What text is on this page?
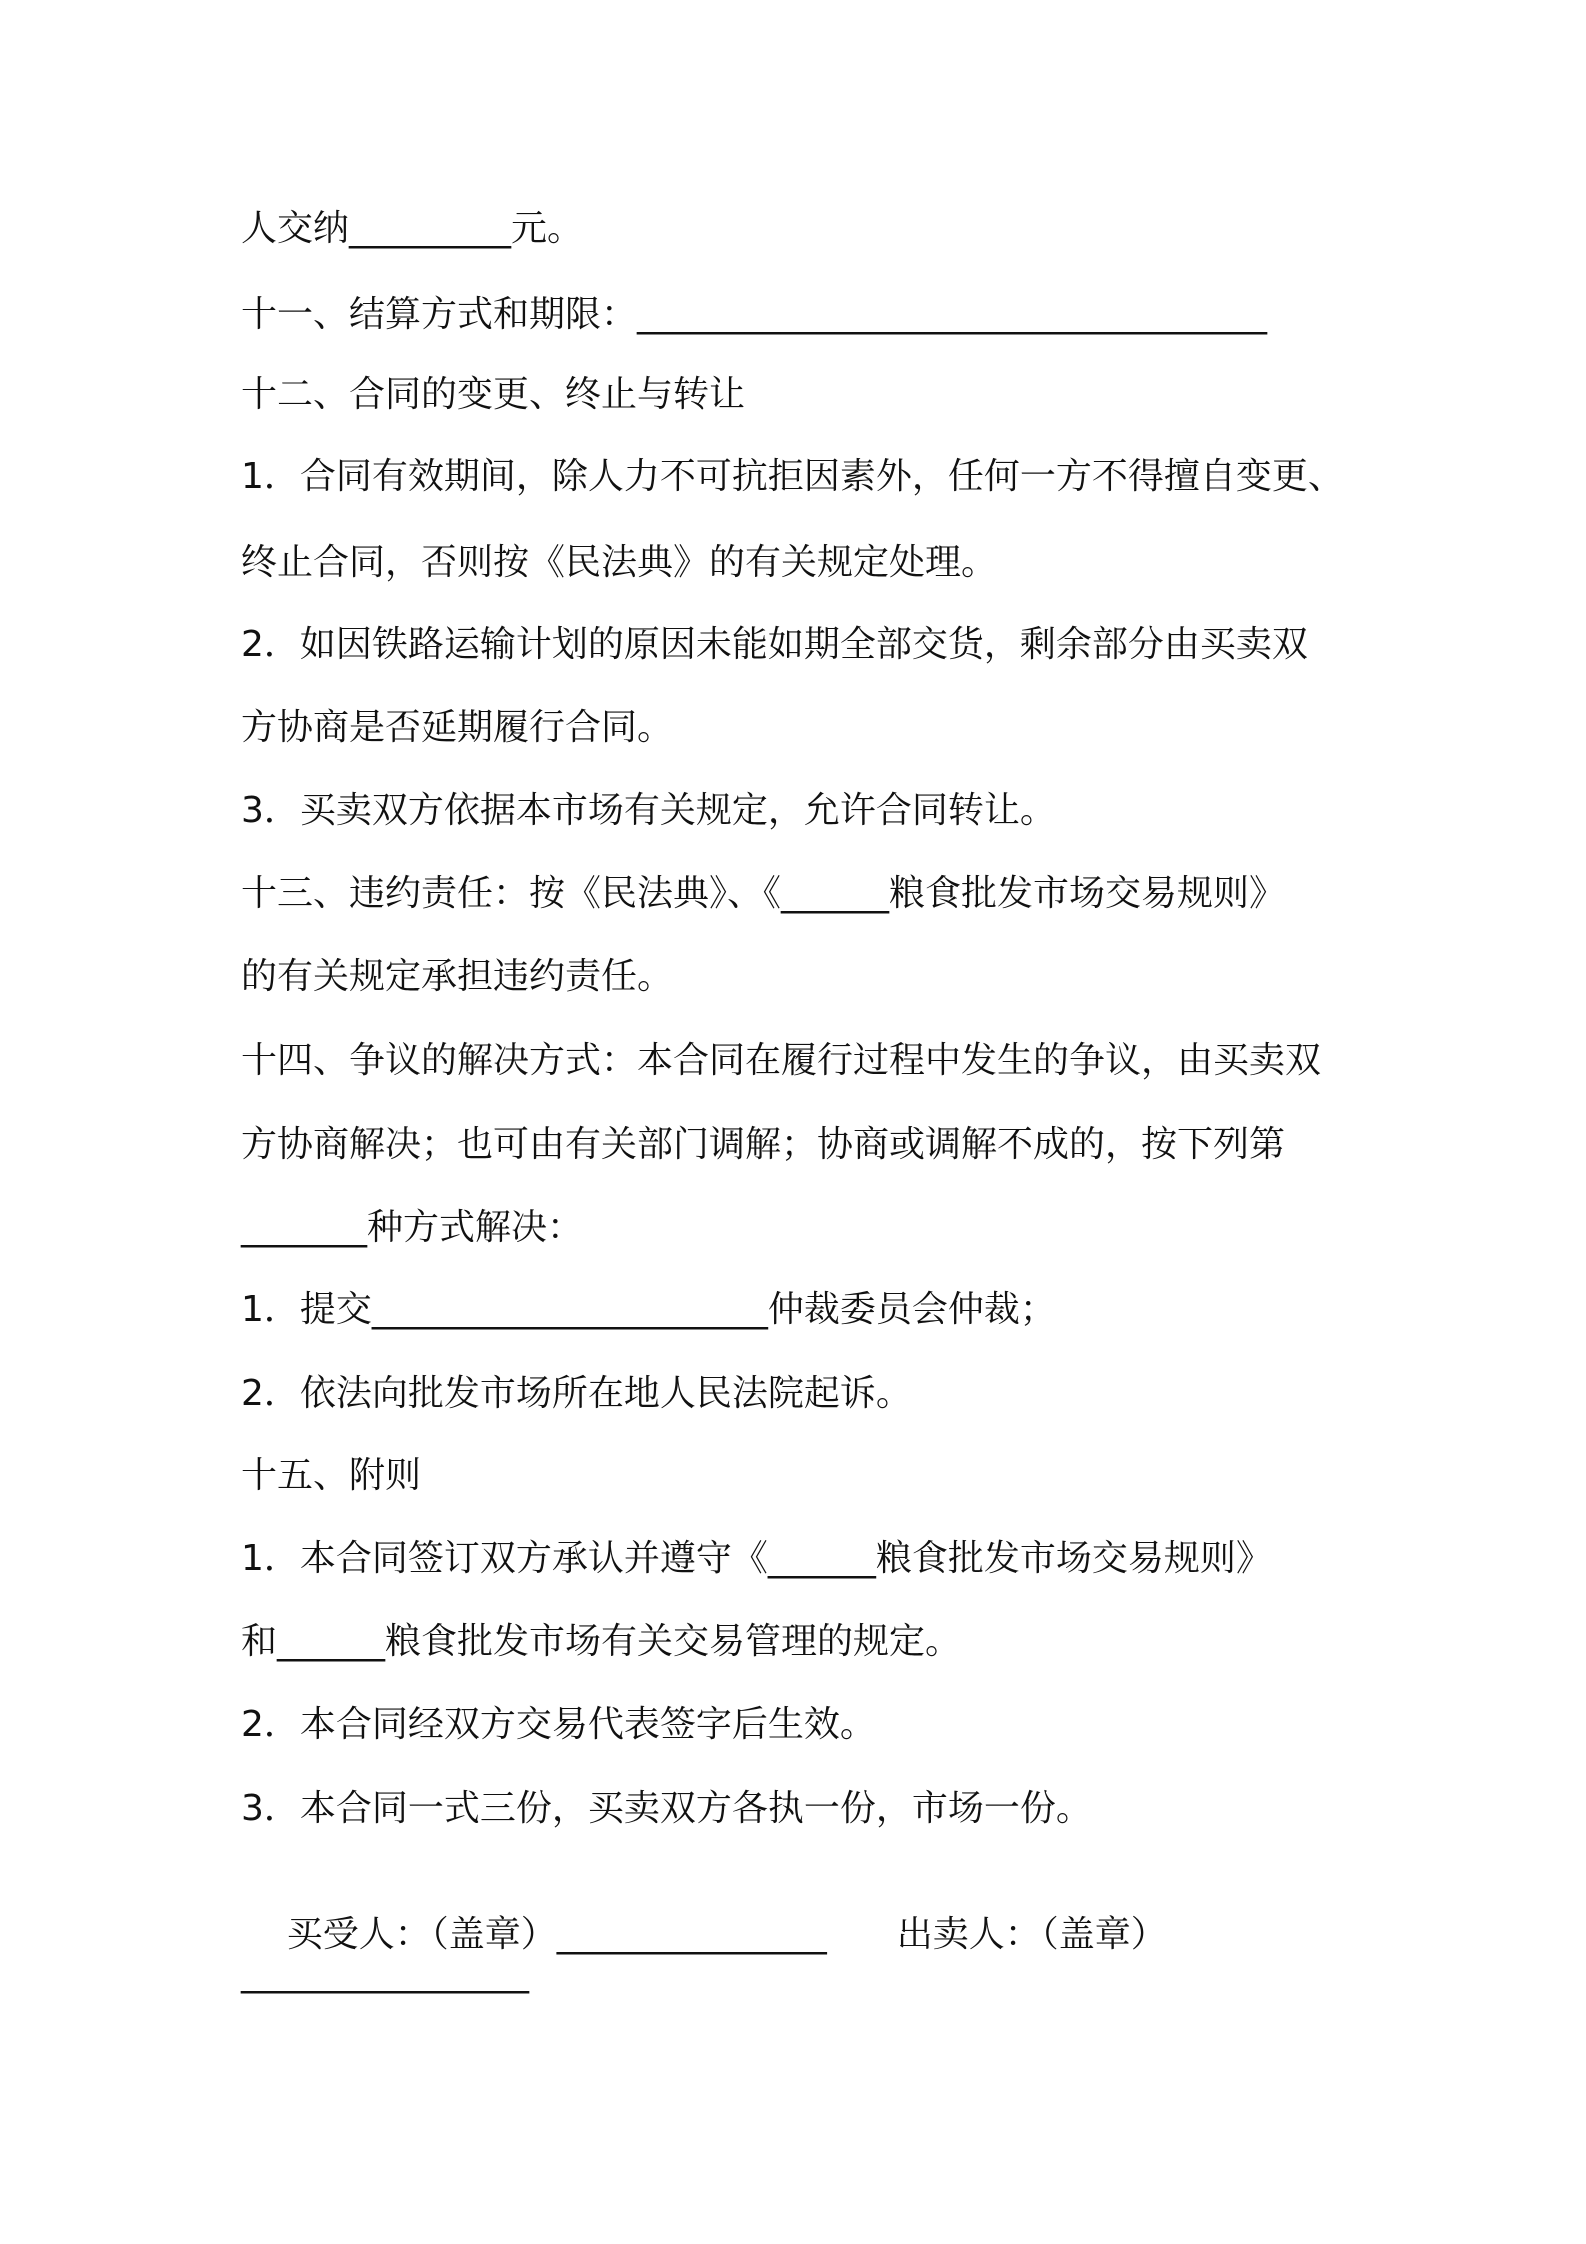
人交纳_________元。
十一、结算方式和期限：___________________________________
十二、合同的变更、终止与转让
1．合同有效期间，除人力不可抗拒因素外，任何一方不得擅自变更、
终止合同，否则按《民法典》的有关规定处理。
2．如因铁路运输计划的原因未能如期全部交货，剩余部分由买卖双
方协商是否延期履行合同。
3．买卖双方依据本市场有关规定，允许合同转让。
十三、违约责任：按《民法典》、《______粮食批发市场交易规则》
的有关规定承担违约责任。
十四、争议的解决方式：本合同在履行过程中发生的争议，由买卖双
方协商解决；也可由有关部门调解；协商或调解不成的，按下列第
_______种方式解决：
1．提交______________________仲裁委员会仲裁；
2．依法向批发市场所在地人民法院起诉。
十五、附则
1．本合同签订双方承认并遵守《______粮食批发市场交易规则》
和______粮食批发市场有关交易管理的规定。
2．本合同经双方交易代表签字后生效。
3．本合同一式三份，买卖双方各执一份，市场一份。

买受人：（盖章）_______________ 出卖人：（盖章）

________________
